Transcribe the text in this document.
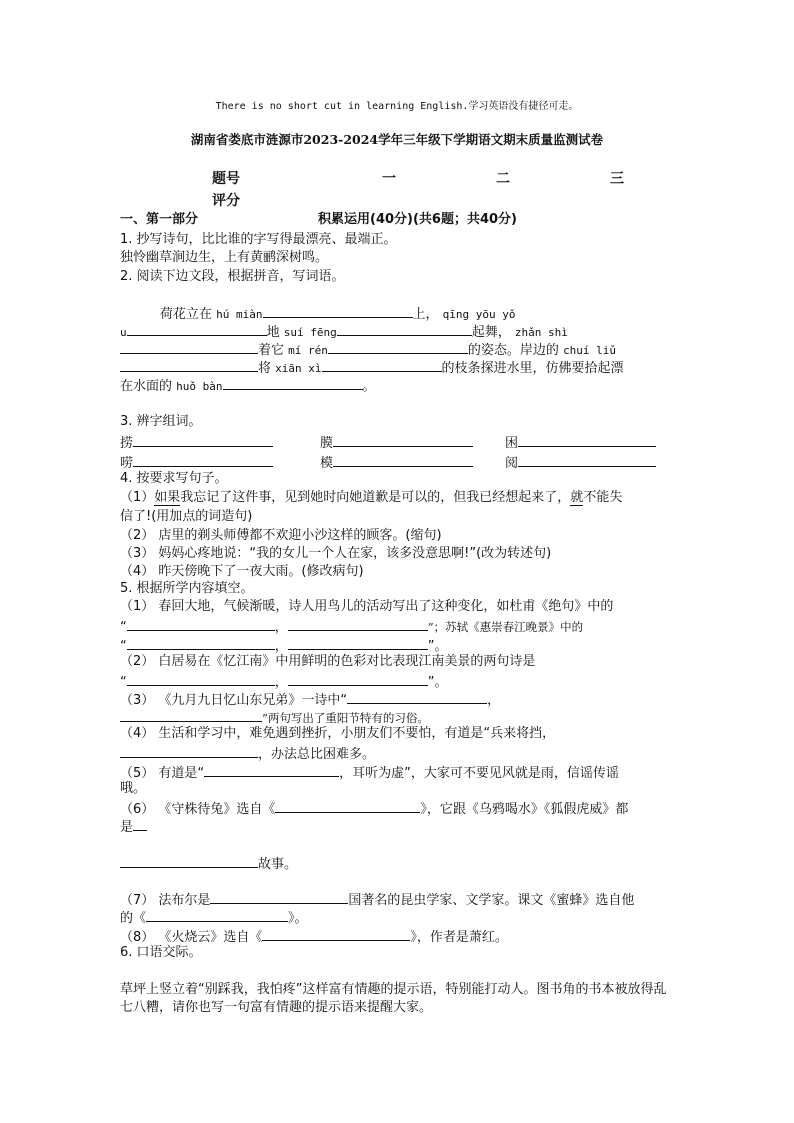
There is no short cut in learning English.学习英语没有捷径可走。
湖南省娄底市涟源市2023-2024学年三年级下学期语文期末质量监测试卷
题号	一	二	三
评分
一、第一部分	积累运用(40分)(共6题；共40分)
1. 抄写诗句，比比谁的字写得最漂亮、最端正。
独怜幽草涧边生，上有黄鹂深树鸣。
2. 阅读下边文段，根据拼音，写词语。
荷花立在 hú miàn	上， qīng yōu yǒ
u	地 suí fēng	起舞， zhǎn shì
着它 mí rén	的姿态。岸边的 chuí liǔ
将 xiān xì	的枝条探进水里，仿佛要拾起漂
在水面的 huǒ bàn	。
3. 辨字组词。
捞	膜	困
唠	模	阅
4. 按要求写句子。
（1）如果我忘记了这件事，见到她时向她道歉是可以的，但我已经想起来了，就不能失
信了!(用加点的词造句)
（2） 店里的剃头师傅都不欢迎小沙这样的顾客。(缩句)
（3） 妈妈心疼地说：“我的女儿一个人在家，该多没意思啊!”(改为转述句)
（4） 昨天傍晚下了一夜大雨。(修改病句)
5. 根据所学内容填空。
（1） 春回大地，气候渐暖，诗人用鸟儿的活动写出了这种变化，如杜甫《绝句》中的
“	，	”；苏轼《惠崇春江晚景》中的
“	，	”。
（2） 白居易在《忆江南》中用鲜明的色彩对比表现江南美景的两句诗是
“	，	”。
（3） 《九月九日忆山东兄弟》一诗中“	，
”两句写出了重阳节特有的习俗。
（4） 生活和学习中，难免遇到挫折，小朋友们不要怕，有道是“兵来将挡，
，办法总比困难多。
（5） 有道是“	，耳听为虚”，大家可不要见风就是雨，信谣传谣
哦。
（6） 《守株待兔》选自《	》，它跟《乌鸦喝水》《狐假虎威》都
是
故事。
（7） 法布尔是	国著名的昆虫学家、文学家。课文《蜜蜂》选自他
的《	》。
（8） 《火烧云》选自《	》，作者是萧红。
6. 口语交际。
草坪上竖立着“别踩我，我怕疼”这样富有情趣的提示语，特别能打动人。图书角的书本被放得乱七八糟，请你也写一句富有情趣的提示语来提醒大家。
